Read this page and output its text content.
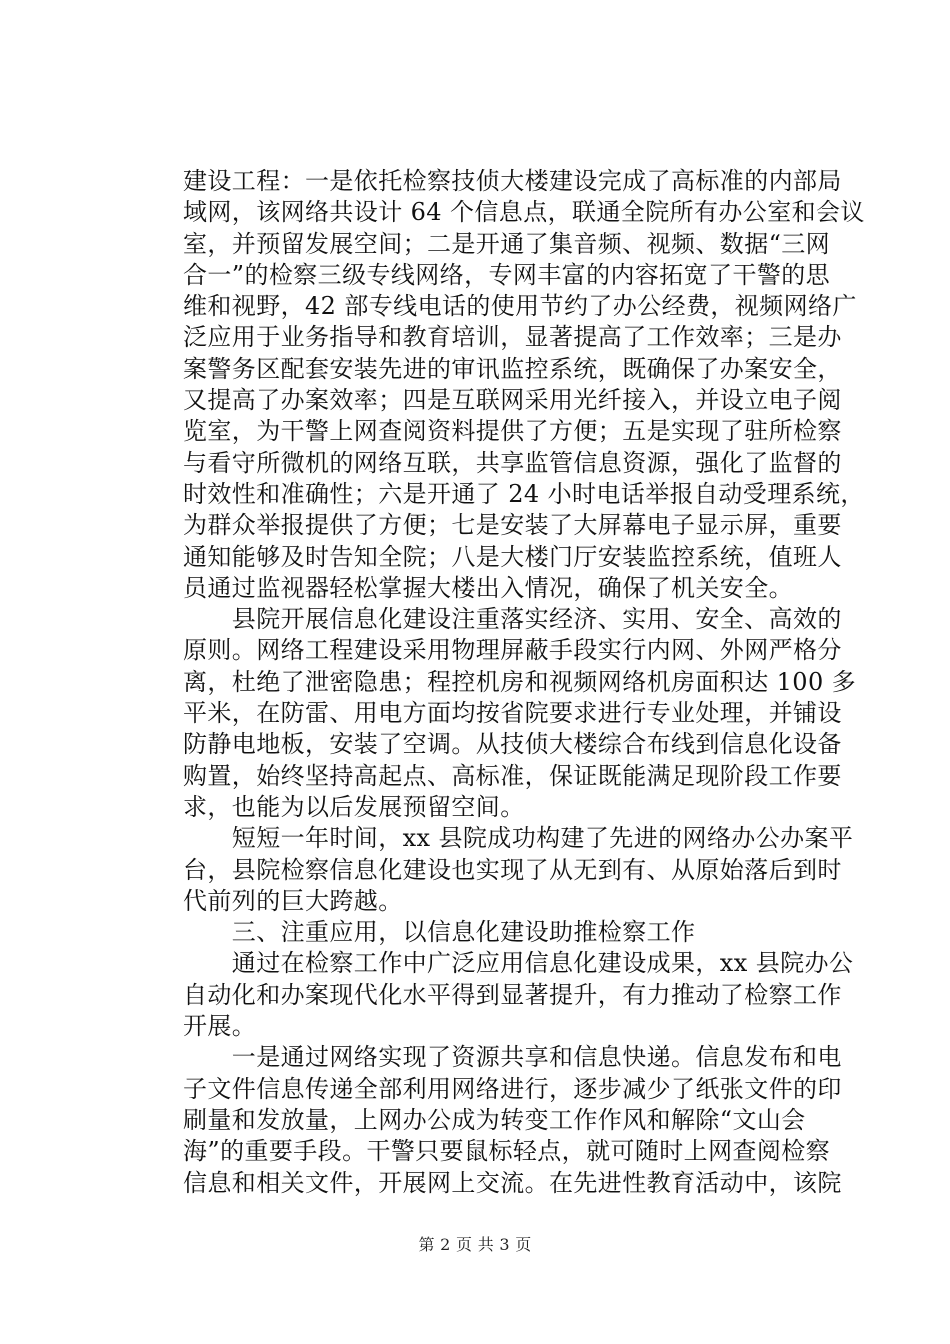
建设工程：一是依托检察技侦大楼建设完成了高标准的内部局
域网，该网络共设计 64 个信息点，联通全院所有办公室和会议
室，并预留发展空间；二是开通了集音频、视频、数据“三网
合一”的检察三级专线网络，专网丰富的内容拓宽了干警的思
维和视野，42 部专线电话的使用节约了办公经费，视频网络广
泛应用于业务指导和教育培训，显著提高了工作效率；三是办
案警务区配套安装先进的审讯监控系统，既确保了办案安全，
又提高了办案效率；四是互联网采用光纤接入，并设立电子阅
览室，为干警上网查阅资料提供了方便；五是实现了驻所检察
与看守所微机的网络互联，共享监管信息资源，强化了监督的
时效性和准确性；六是开通了 24 小时电话举报自动受理系统，
为群众举报提供了方便；七是安装了大屏幕电子显示屏，重要
通知能够及时告知全院；八是大楼门厅安装监控系统，值班人
员通过监视器轻松掌握大楼出入情况，确保了机关安全。
　　县院开展信息化建设注重落实经济、实用、安全、高效的
原则。网络工程建设采用物理屏蔽手段实行内网、外网严格分
离，杜绝了泄密隐患；程控机房和视频网络机房面积达 100 多
平米，在防雷、用电方面均按省院要求进行专业处理，并铺设
防静电地板，安装了空调。从技侦大楼综合布线到信息化设备
购置，始终坚持高起点、高标准，保证既能满足现阶段工作要
求，也能为以后发展预留空间。
　　短短一年时间，xx 县院成功构建了先进的网络办公办案平
台，县院检察信息化建设也实现了从无到有、从原始落后到时
代前列的巨大跨越。
　　三、注重应用，以信息化建设助推检察工作
　　通过在检察工作中广泛应用信息化建设成果，xx 县院办公
自动化和办案现代化水平得到显著提升，有力推动了检察工作
开展。
　　一是通过网络实现了资源共享和信息快递。信息发布和电
子文件信息传递全部利用网络进行，逐步减少了纸张文件的印
刷量和发放量，上网办公成为转变工作作风和解除“文山会
海”的重要手段。干警只要鼠标轻点，就可随时上网查阅检察
信息和相关文件，开展网上交流。在先进性教育活动中，该院
第 2 页 共 3 页
